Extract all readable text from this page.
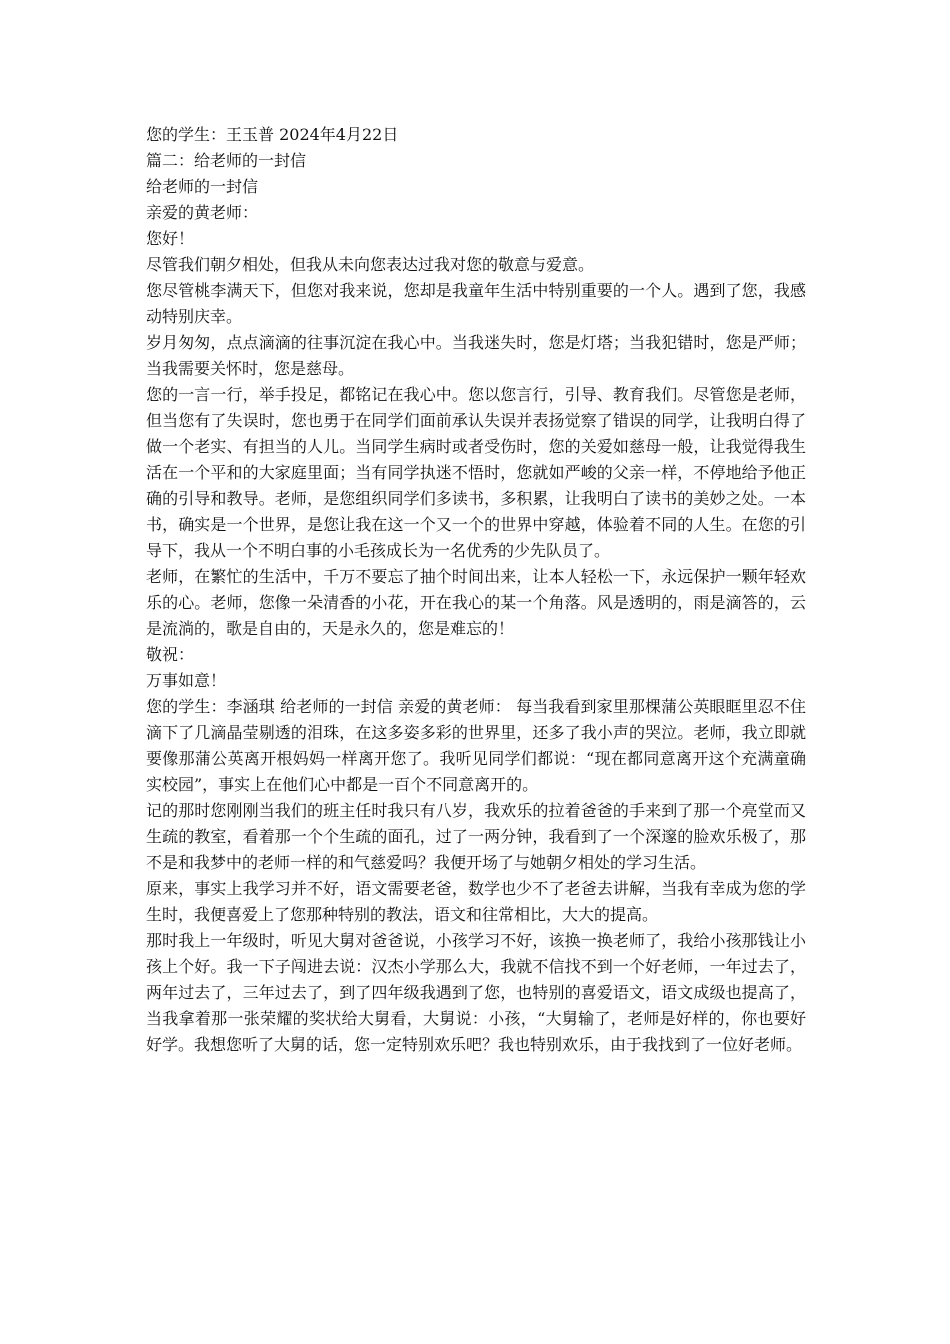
您的学生：王玉普 2024年4月22日

篇二：给老师的一封信

给老师的一封信

亲爱的黄老师：

您好！

尽管我们朝夕相处，但我从未向您表达过我对您的敬意与爱意。

您尽管桃李满天下，但您对我来说，您却是我童年生活中特别重要的一个人。遇到了您，我感动特别庆幸。

岁月匆匆，点点滴滴的往事沉淀在我心中。当我迷失时，您是灯塔；当我犯错时，您是严师；当我需要关怀时，您是慈母。

您的一言一行，举手投足，都铭记在我心中。您以您言行，引导、教育我们。尽管您是老师，但当您有了失误时，您也勇于在同学们面前承认失误并表扬觉察了错误的同学，让我明白得了做一个老实、有担当的人儿。当同学生病时或者受伤时，您的关爱如慈母一般，让我觉得我生活在一个平和的大家庭里面；当有同学执迷不悟时，您就如严峻的父亲一样，不停地给予他正确的引导和教导。老师，是您组织同学们多读书，多积累，让我明白了读书的美妙之处。一本书，确实是一个世界，是您让我在这一个又一个的世界中穿越，体验着不同的人生。在您的引导下，我从一个不明白事的小毛孩成长为一名优秀的少先队员了。

老师，在繁忙的生活中，千万不要忘了抽个时间出来，让本人轻松一下，永远保护一颗年轻欢乐的心。老师，您像一朵清香的小花，开在我心的某一个角落。风是透明的，雨是滴答的，云是流淌的，歌是自由的，天是永久的，您是难忘的！

敬祝：

万事如意！

您的学生：李涵琪 给老师的一封信 亲爱的黄老师： 每当我看到家里那棵蒲公英眼眶里忍不住滴下了几滴晶莹剔透的泪珠，在这多姿多彩的世界里，还多了我小声的哭泣。老师，我立即就要像那蒲公英离开根妈妈一样离开您了。我听见同学们都说：“现在都同意离开这个充满童确实校园”，事实上在他们心中都是一百个不同意离开的。

记的那时您刚刚当我们的班主任时我只有八岁，我欢乐的拉着爸爸的手来到了那一个亮堂而又生疏的教室，看着那一个个生疏的面孔，过了一两分钟，我看到了一个深邃的脸欢乐极了，那不是和我梦中的老师一样的和气慈爱吗？我便开场了与她朝夕相处的学习生活。

原来，事实上我学习并不好，语文需要老爸，数学也少不了老爸去讲解，当我有幸成为您的学生时，我便喜爱上了您那种特别的教法，语文和往常相比，大大的提高。

那时我上一年级时，听见大舅对爸爸说，小孩学习不好，该换一换老师了，我给小孩那钱让小孩上个好。我一下子闯进去说：汉杰小学那么大，我就不信找不到一个好老师，一年过去了，两年过去了，三年过去了，到了四年级我遇到了您，也特别的喜爱语文，语文成级也提高了，当我拿着那一张荣耀的奖状给大舅看，大舅说：小孩，“大舅输了，老师是好样的，你也要好好学。我想您听了大舅的话，您一定特别欢乐吧？我也特别欢乐，由于我找到了一位好老师。
